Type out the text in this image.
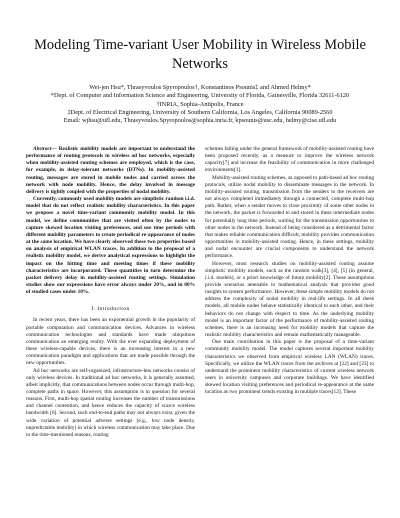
Modeling Time-variant User Mobility in Wireless Mobile Networks
Wei-jen Hsu*, Thrasyvoulos Spyropoulos†, Konstantinos Psounis‡ and Ahmed Helmy*
*Dept. of Computer and Information Science and Engineering, University of Florida, Gainesville, Florida 32611-6120
†INRIA, Sophia-Antipolis, France
‡Dept. of Electrical Engineering, University of Southern California, Los Angeles, California 90089-2560
Email: wjhsu@ufl.edu, Thrasyvoulos.Spyropoulos@sophia.inria.fr, kpsounis@usc.edu, helmy@cise.ufl.edu

Abstract— Realistic mobility models are important to understand the performance of routing protocols in wireless ad hoc networks, especially when mobility-assisted routing schemes are employed, which is the case, for example, in delay-tolerant networks (DTNs). In mobility-assisted routing, messages are stored in mobile nodes and carried across the network with node mobility. Hence, the delay involved in message delivery is tightly coupled with the properties of nodal mobility.

Currently, commonly used mobility models are simplistic random i.i.d. model that do not reflect realistic mobility characteristics. In this paper we propose a novel time-variant community mobility model. In this model, we define communities that are visited often by the nodes to capture skewed location visiting preferences, and use time periods with different mobility parameters to create periodical re-appearance of nodes at the same location. We have clearly observed these two properties based on analysis of empirical WLAN traces. In addition to the proposal of a realistic mobility model, we derive analytical expressions to highlight the impact on the hitting time and meeting times if these mobility characteristics are incorporated. These quantities in turn determine the packet delivery delay in mobility-assisted routing settings. Simulation studies show our expressions have error always under 20%, and in 80% of studied cases under 10%.

I. Introduction

In recent years, there has been an exponential growth in the popularity of portable computation and communication devices. Advances in wireless communication technologies and standards have made ubiquitous communication an emerging reality. With the ever expanding deployment of these wireless-capable devices, there is an increasing interest in a new communication paradigm and applications that are made possible through the new opportunities.

Ad hoc networks are self-organized, infrastructure-less networks consist of only wireless devices. In traditional ad hoc networks, it is generally assumed, albeit implicitly, that communications between nodes occur through multi-hop, complete paths in space. However, this assumption is in question for several reasons. First, multi-hop spatial routing increases the number of transmissions and channel contention, and hence reduces the capacity of scarce wireless bandwidth [6]. Second, such end-to-end paths may not always exist, given the wide variation of potential adverse settings (e.g., low node density, unpredictable mobility) in which wireless communication may take place. Due to the time-mentioned reasons, routing

schemes falling under the general framework of mobility-assisted routing have been proposed recently, as a measure to improve the wireless network capacity[7] and increase the feasibility of communication in more challenged environments[1].

Mobility-assisted routing schemes, as opposed to path-based ad hoc routing protocols, utilize nodal mobility to disseminate messages in the network. In mobility-assisted routing, transmission from the senders to the receivers are not always completed immediately through a connected, complete multi-hop path. Rather, when a sender moves to close proximity of some other nodes in the network, the packet is forwarded to and stored in these intermediate nodes for potentially long time periods, waiting for the transmission opportunities to other nodes in the network. Instead of being considered as a detrimental factor that makes reliable communication difficult, mobility provides communication opportunities in mobility-assisted routing. Hence, in these settings, mobility and nodal encounter are crucial components to understand the network performance.

However, most research studies on mobility-assisted routing assume simplistic mobility models, such as the random walk[3], [4], [5] (in general, i.i.d. models), or a priori knowledge of future mobility[2]. These assumptions provide scenarios amenable to mathematical analysis that provides good insights to system performance. However, these simple mobility models do not address the complexity of nodal mobility in real-life settings. In all these models, all mobile nodes behave statistically identical to each other, and their behaviors do not change with respect to time. As the underlying mobility model is an important factor of the performance of mobility-assisted routing schemes, there is an increasing need for mobility models that capture the realistic mobility characteristics and remain mathematically manageable.

One main contribution in this paper is the proposal of a time-variant community mobility model. The model captures several important mobility characteristics we observed from empirical wireless LAN (WLAN) traces. Specifically, we utilize the WLAN traces from the archives at [22] and [23] to understand the prominent mobility characteristics of current wireless network users in university campuses and corporate buildings. We have identified skewed location visiting preferences and periodical re-appearance at the same location as two prominent trends existing in multiple traces[12]. These
